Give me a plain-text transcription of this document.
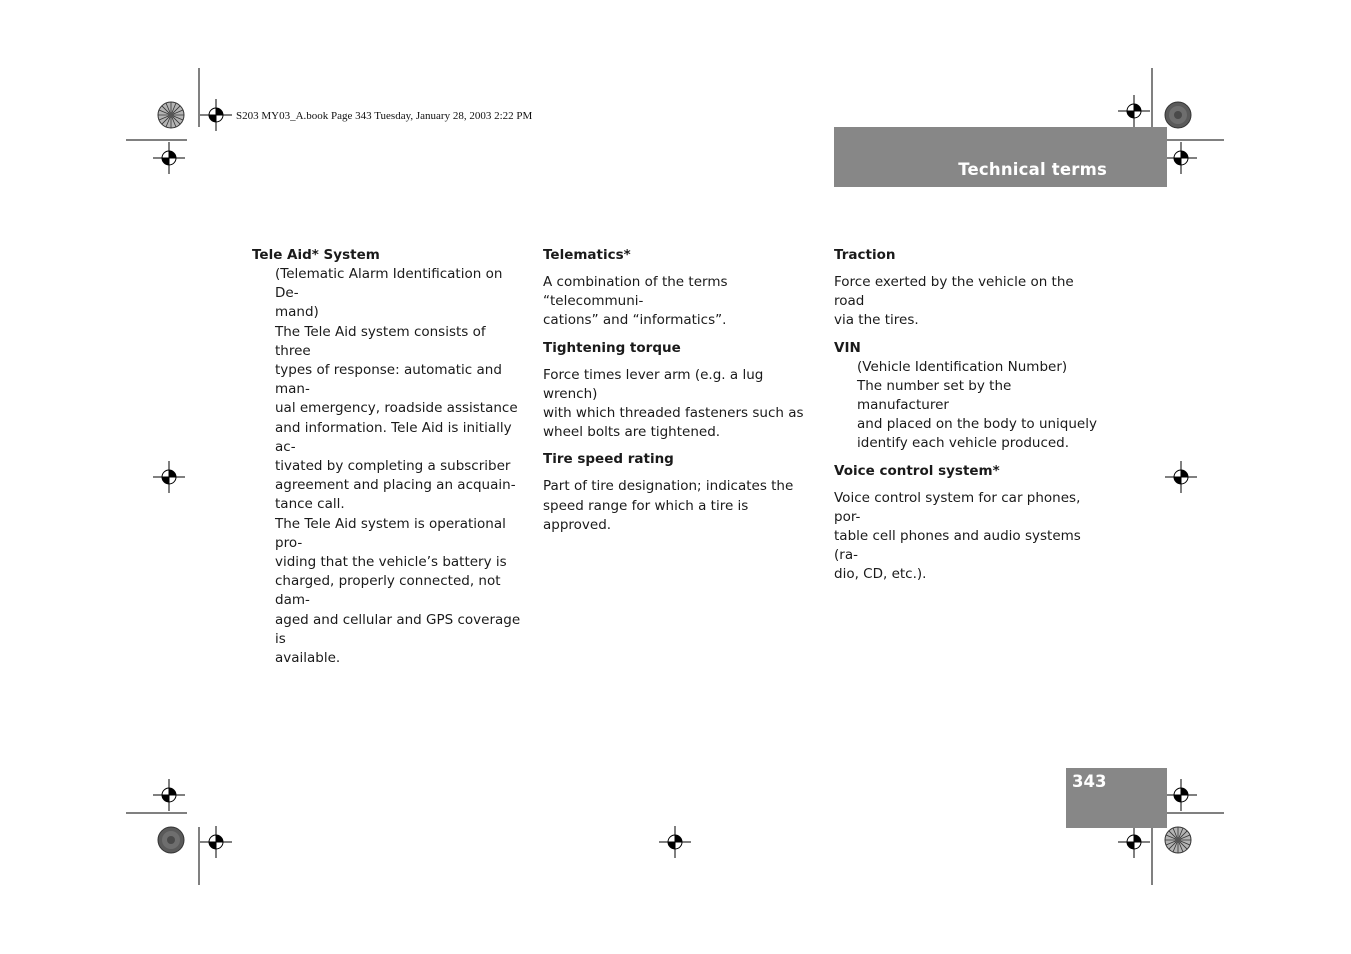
S203 MY03_A.book Page 343 Tuesday, January 28, 2003 2:22 PM
Technical terms
343

Tele Aid* System

(Telematic Alarm Identification on De-

mand)

The Tele Aid system consists of three

types of response: automatic and man-

ual emergency, roadside assistance

and information. Tele Aid is initially ac-

tivated by completing a subscriber

agreement and placing an acquain-

tance call.

The Tele Aid system is operational pro-

viding that the vehicle’s battery is

charged, properly connected, not dam-

aged and cellular and GPS coverage is

available.

Telematics*

A combination of the terms “telecommuni-

cations” and “informatics”.

Tightening torque

Force times lever arm (e.g. a lug wrench)

with which threaded fasteners such as

wheel bolts are tightened.

Tire speed rating

Part of tire designation; indicates the

speed range for which a tire is approved.

Traction

Force exerted by the vehicle on the road

via the tires.

VIN

(Vehicle Identification Number)

The number set by the manufacturer

and placed on the body to uniquely

identify each vehicle produced.

Voice control system*

Voice control system for car phones, por-

table cell phones and audio systems (ra-

dio, CD, etc.).
